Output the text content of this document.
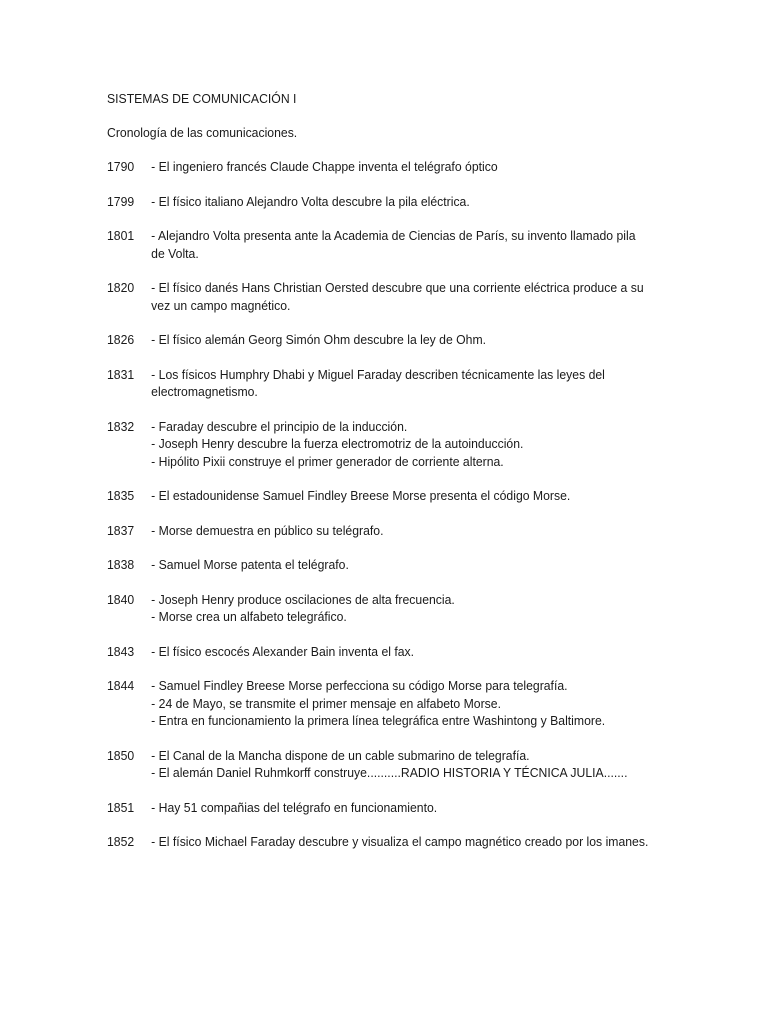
SISTEMAS DE COMUNICACIÓN I

Cronología de las comunicaciones.

1790	- El ingeniero francés Claude Chappe inventa el telégrafo óptico

1799	- El físico italiano Alejandro Volta descubre la pila eléctrica.

1801	- Alejandro Volta presenta ante la Academia de Ciencias de París, su invento llamado pila de Volta.

1820	- El físico danés Hans Christian Oersted descubre que una corriente eléctrica produce a su vez un campo magnético.

1826	- El físico alemán Georg Simón Ohm descubre la ley de Ohm.

1831	- Los físicos Humphry Dhabi y Miguel Faraday describen técnicamente las leyes del electromagnetismo.

1832	- Faraday descubre el principio de la inducción.

- Joseph Henry descubre la fuerza electromotriz de la autoinducción.

- Hipólito Pixii construye el primer generador de corriente alterna.

1835	- El estadounidense Samuel Findley Breese Morse presenta el código Morse.

1837	- Morse demuestra en público su telégrafo.

1838	- Samuel Morse patenta el telégrafo.

1840	- Joseph Henry produce oscilaciones de alta frecuencia.

- Morse crea un alfabeto telegráfico.

1843	- El físico escocés Alexander Bain inventa el fax.

1844	- Samuel Findley Breese Morse perfecciona su código Morse para telegrafía.

- 24 de Mayo, se transmite el primer mensaje en alfabeto Morse.

- Entra en funcionamiento la primera línea telegráfica entre Washintong y Baltimore.

1850	- El Canal de la Mancha dispone de un cable submarino de telegrafía.

- El alemán Daniel Ruhmkorff construye..........RADIO HISTORIA Y TÉCNICA JULIA.......

1851	- Hay 51 compañias del telégrafo en funcionamiento.

1852	- El físico Michael Faraday descubre y visualiza el campo magnético creado por los imanes.
